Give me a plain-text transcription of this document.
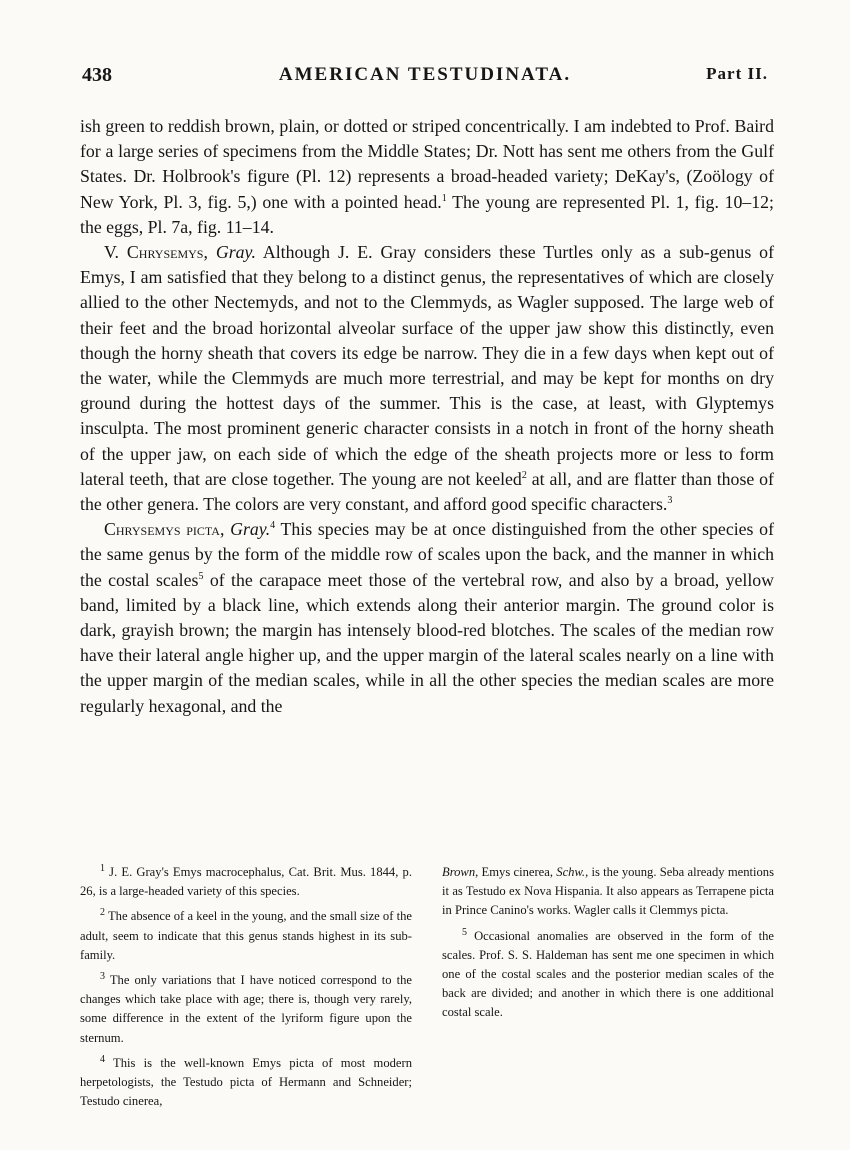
438	AMERICAN TESTUDINATA.	Part II.

ish green to reddish brown, plain, or dotted or striped concentrically. I am indebted to Prof. Baird for a large series of specimens from the Middle States; Dr. Nott has sent me others from the Gulf States. Dr. Holbrook's figure (Pl. 12) represents a broad-headed variety; DeKay's, (Zoölogy of New York, Pl. 3, fig. 5,) one with a pointed head.$^1$ The young are represented Pl. 1, fig. 10–12; the eggs, Pl. 7a, fig. 11–14.

V. Chrysemys, Gray. Although J. E. Gray considers these Turtles only as a sub-genus of Emys, I am satisfied that they belong to a distinct genus, the representatives of which are closely allied to the other Nectemyds, and not to the Clemmyds, as Wagler supposed. The large web of their feet and the broad horizontal alveolar surface of the upper jaw show this distinctly, even though the horny sheath that covers its edge be narrow. They die in a few days when kept out of the water, while the Clemmyds are much more terrestrial, and may be kept for months on dry ground during the hottest days of the summer. This is the case, at least, with Glyptemys insculpta. The most prominent generic character consists in a notch in front of the horny sheath of the upper jaw, on each side of which the edge of the sheath projects more or less to form lateral teeth, that are close together. The young are not keeled$^2$ at all, and are flatter than those of the other genera. The colors are very constant, and afford good specific characters.$^3$

Chrysemys picta, Gray.$^4$ This species may be at once distinguished from the other species of the same genus by the form of the middle row of scales upon the back, and the manner in which the costal scales$^5$ of the carapace meet those of the vertebral row, and also by a broad, yellow band, limited by a black line, which extends along their anterior margin. The ground color is dark, grayish brown; the margin has intensely blood-red blotches. The scales of the median row have their lateral angle higher up, and the upper margin of the lateral scales nearly on a line with the upper margin of the median scales, while in all the other species the median scales are more regularly hexagonal, and the

$^1$ J. E. Gray's Emys macrocephalus, Cat. Brit. Mus. 1844, p. 26, is a large-headed variety of this species.

$^2$ The absence of a keel in the young, and the small size of the adult, seem to indicate that this genus stands highest in its sub-family.

$^3$ The only variations that I have noticed correspond to the changes which take place with age; there is, though very rarely, some difference in the extent of the lyriform figure upon the sternum.

$^4$ This is the well-known Emys picta of most modern herpetologists, the Testudo picta of Hermann and Schneider; Testudo cinerea,

Brown, Emys cinerea, Schw., is the young. Seba already mentions it as Testudo ex Nova Hispania. It also appears as Terrapene picta in Prince Canino's works. Wagler calls it Clemmys picta.

$^5$ Occasional anomalies are observed in the form of the scales. Prof. S. S. Haldeman has sent me one specimen in which one of the costal scales and the posterior median scales of the back are divided; and another in which there is one additional costal scale.
